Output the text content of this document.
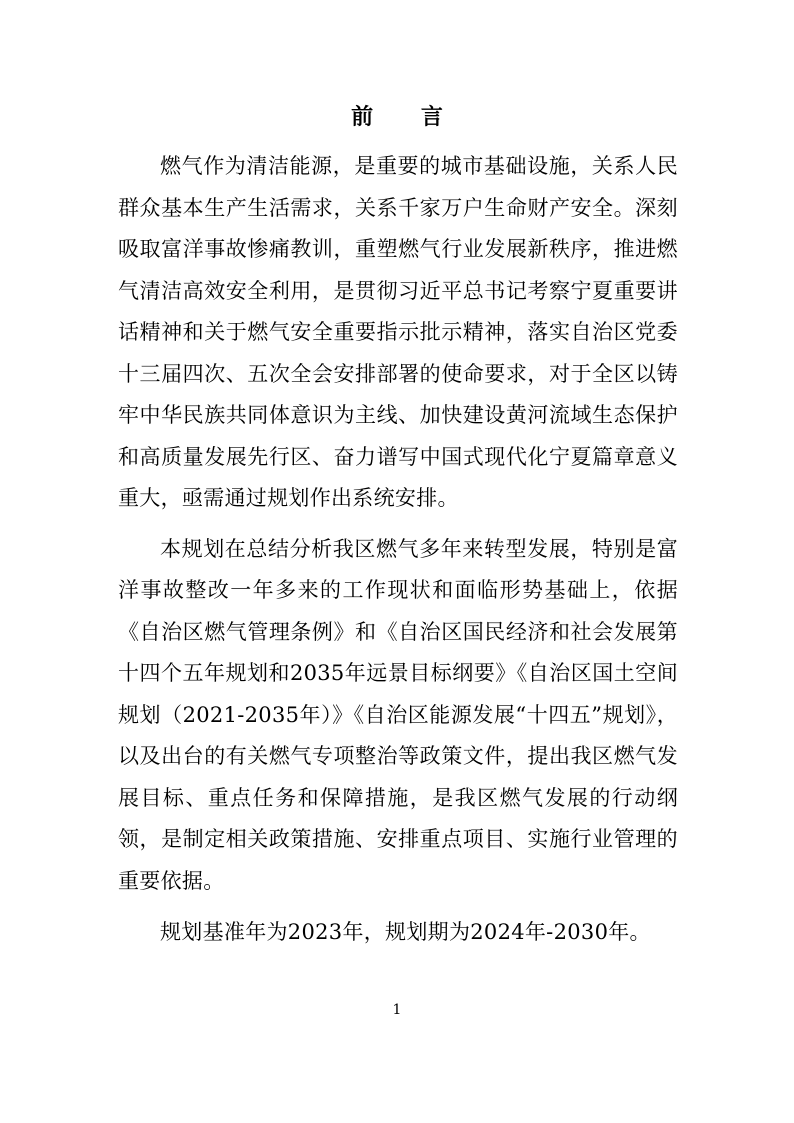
前 言

燃气作为清洁能源，是重要的城市基础设施，关系人民群众基本生产生活需求，关系千家万户生命财产安全。深刻吸取富洋事故惨痛教训，重塑燃气行业发展新秩序，推进燃气清洁高效安全利用，是贯彻习近平总书记考察宁夏重要讲话精神和关于燃气安全重要指示批示精神，落实自治区党委十三届四次、五次全会安排部署的使命要求，对于全区以铸牢中华民族共同体意识为主线、加快建设黄河流域生态保护和高质量发展先行区、奋力谱写中国式现代化宁夏篇章意义重大，亟需通过规划作出系统安排。

本规划在总结分析我区燃气多年来转型发展，特别是富洋事故整改一年多来的工作现状和面临形势基础上，依据《自治区燃气管理条例》和《自治区国民经济和社会发展第十四个五年规划和2035年远景目标纲要》《自治区国土空间规划（2021-2035年）》《自治区能源发展“十四五”规划》，以及出台的有关燃气专项整治等政策文件，提出我区燃气发展目标、重点任务和保障措施，是我区燃气发展的行动纲领，是制定相关政策措施、安排重点项目、实施行业管理的重要依据。

规划基准年为2023年，规划期为2024年-2030年。

1
